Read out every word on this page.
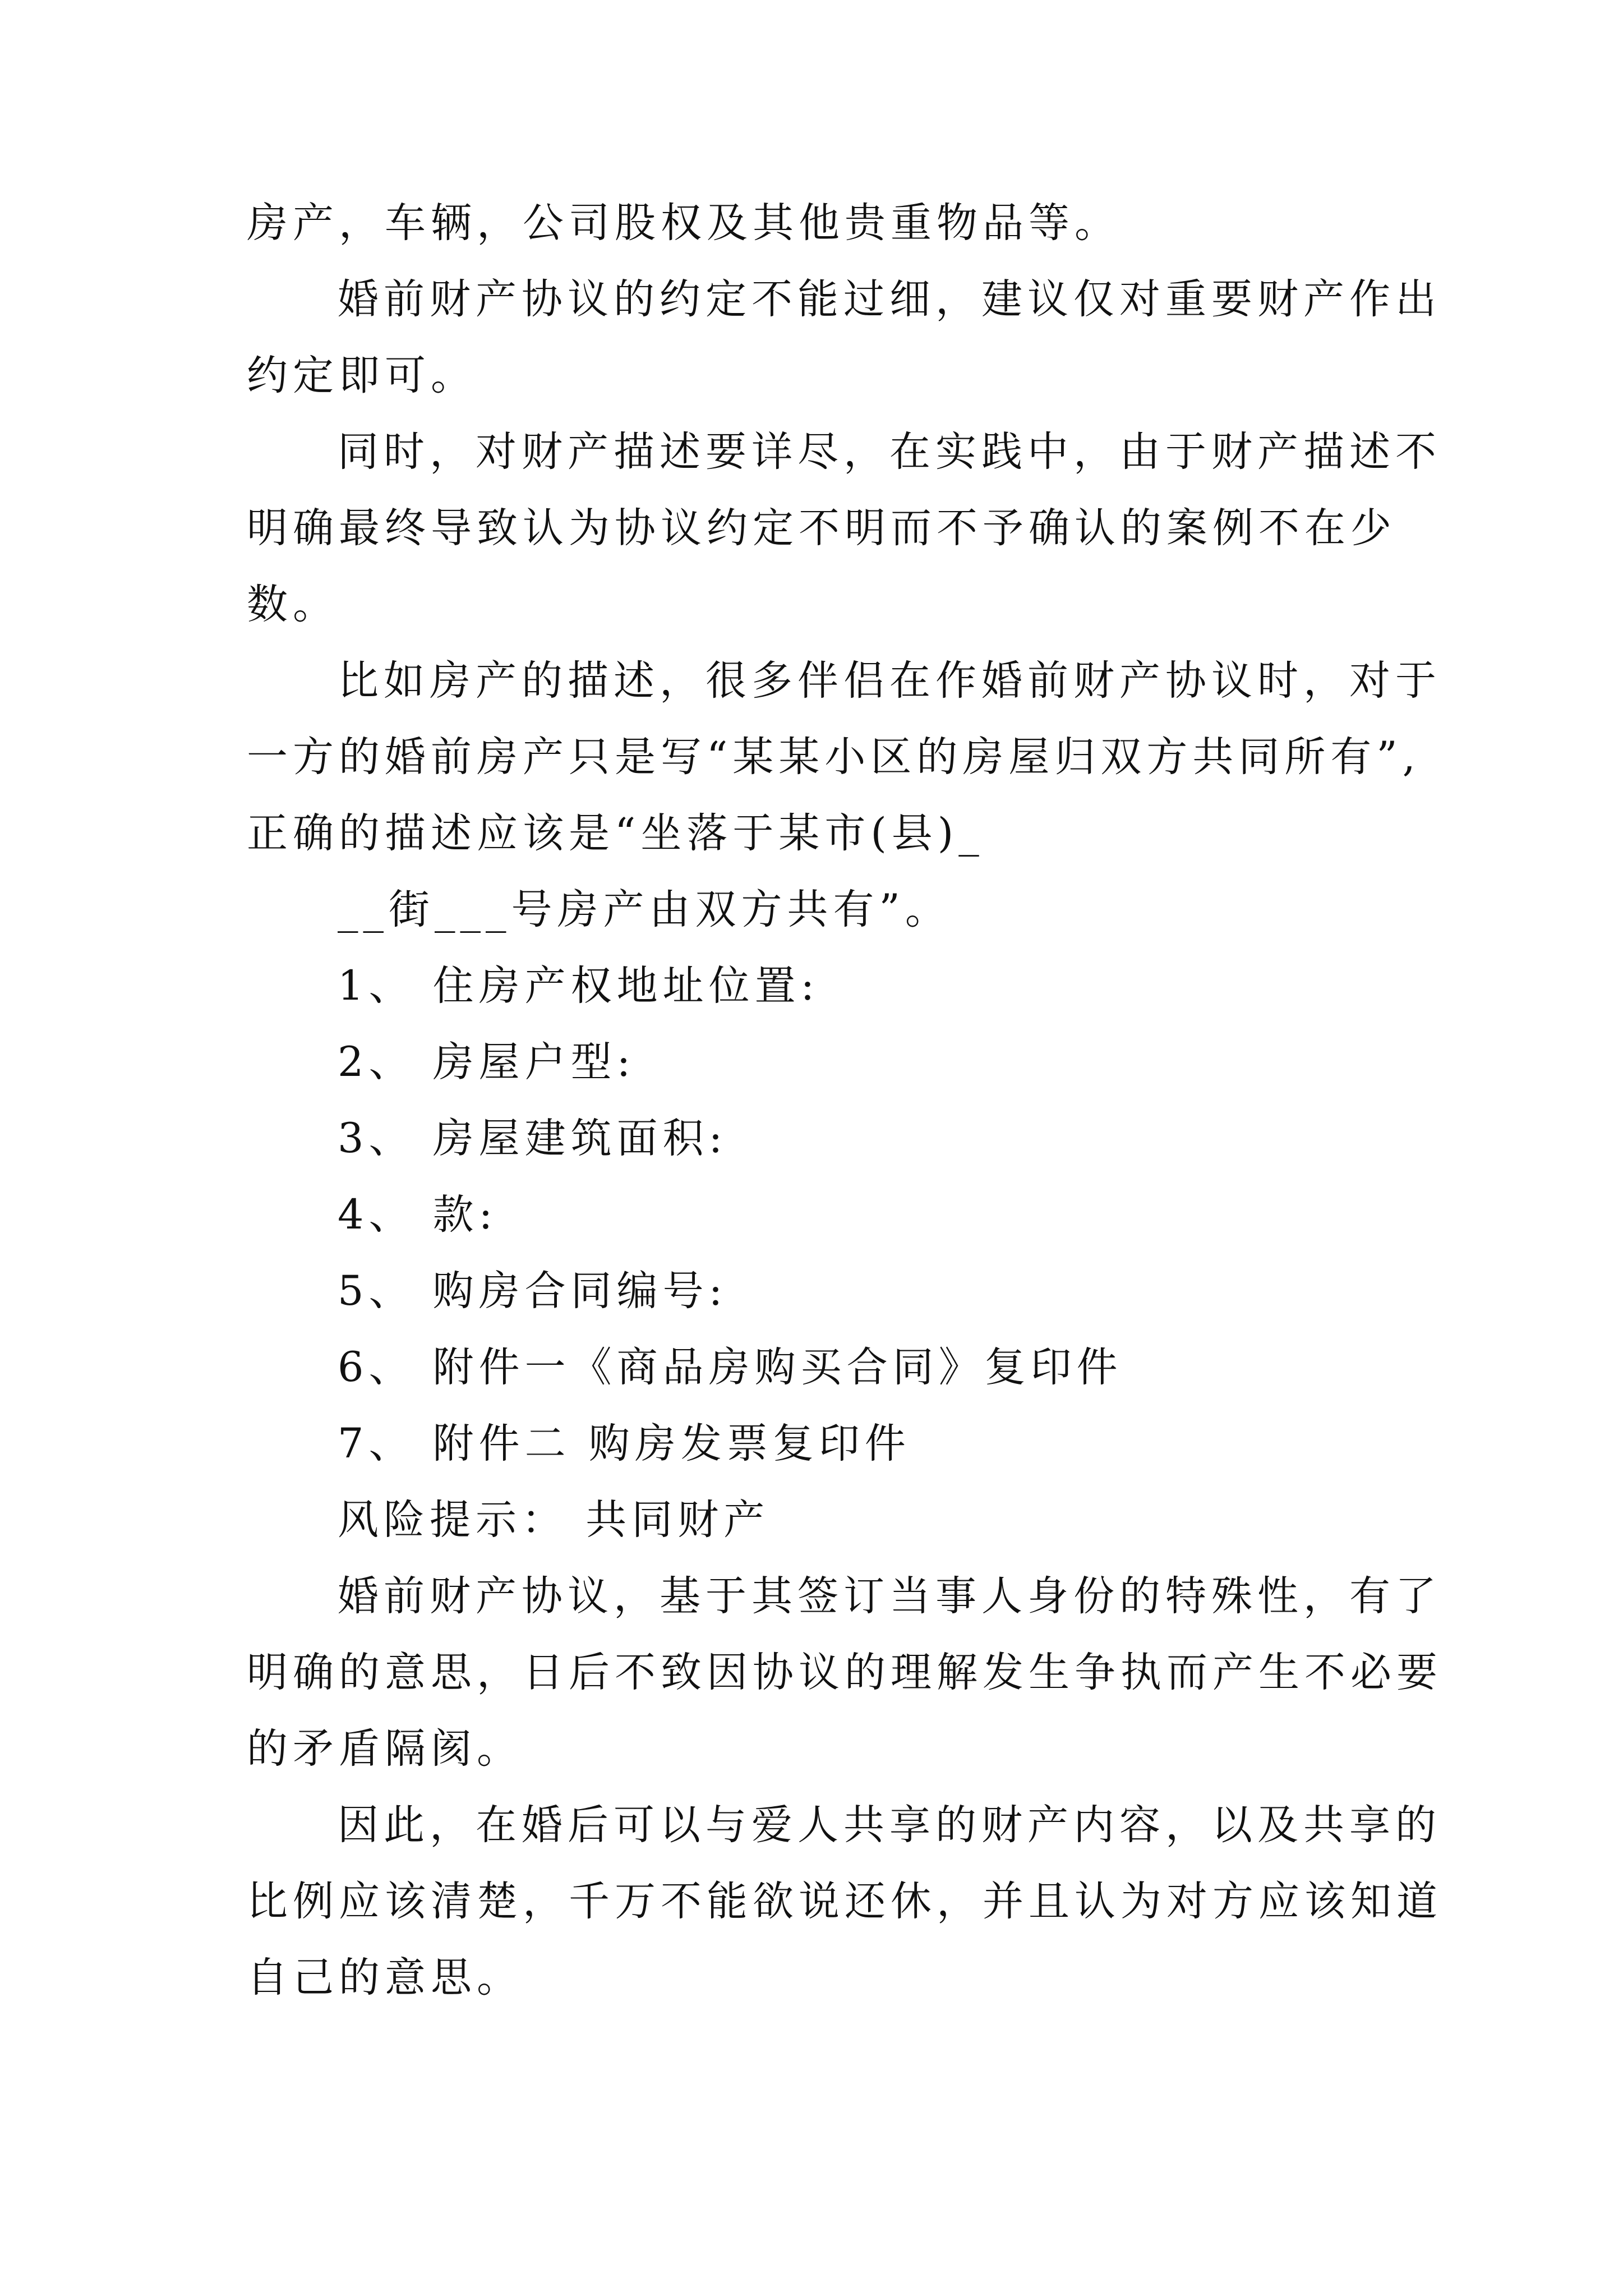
房产，车辆，公司股权及其他贵重物品等。
婚前财产协议的约定不能过细，建议仅对重要财产作出
约定即可。
同时，对财产描述要详尽，在实践中，由于财产描述不
明确最终导致认为协议约定不明而不予确认的案例不在少
数。
比如房产的描述，很多伴侣在作婚前财产协议时，对于
一方的婚前房产只是写“某某小区的房屋归双方共同所有”,
正确的描述应该是“坐落于某市(县)_
__街___号房产由双方共有”。
1、 住房产权地址位置:
2、 房屋户型:
3、 房屋建筑面积:
4、 款:
5、 购房合同编号:
6、 附件一《商品房购买合同》复印件
7、 附件二 购房发票复印件
风险提示： 共同财产
婚前财产协议，基于其签订当事人身份的特殊性，有了
明确的意思，日后不致因协议的理解发生争执而产生不必要
的矛盾隔阂。
因此，在婚后可以与爱人共享的财产内容，以及共享的
比例应该清楚，千万不能欲说还休，并且认为对方应该知道
自己的意思。
